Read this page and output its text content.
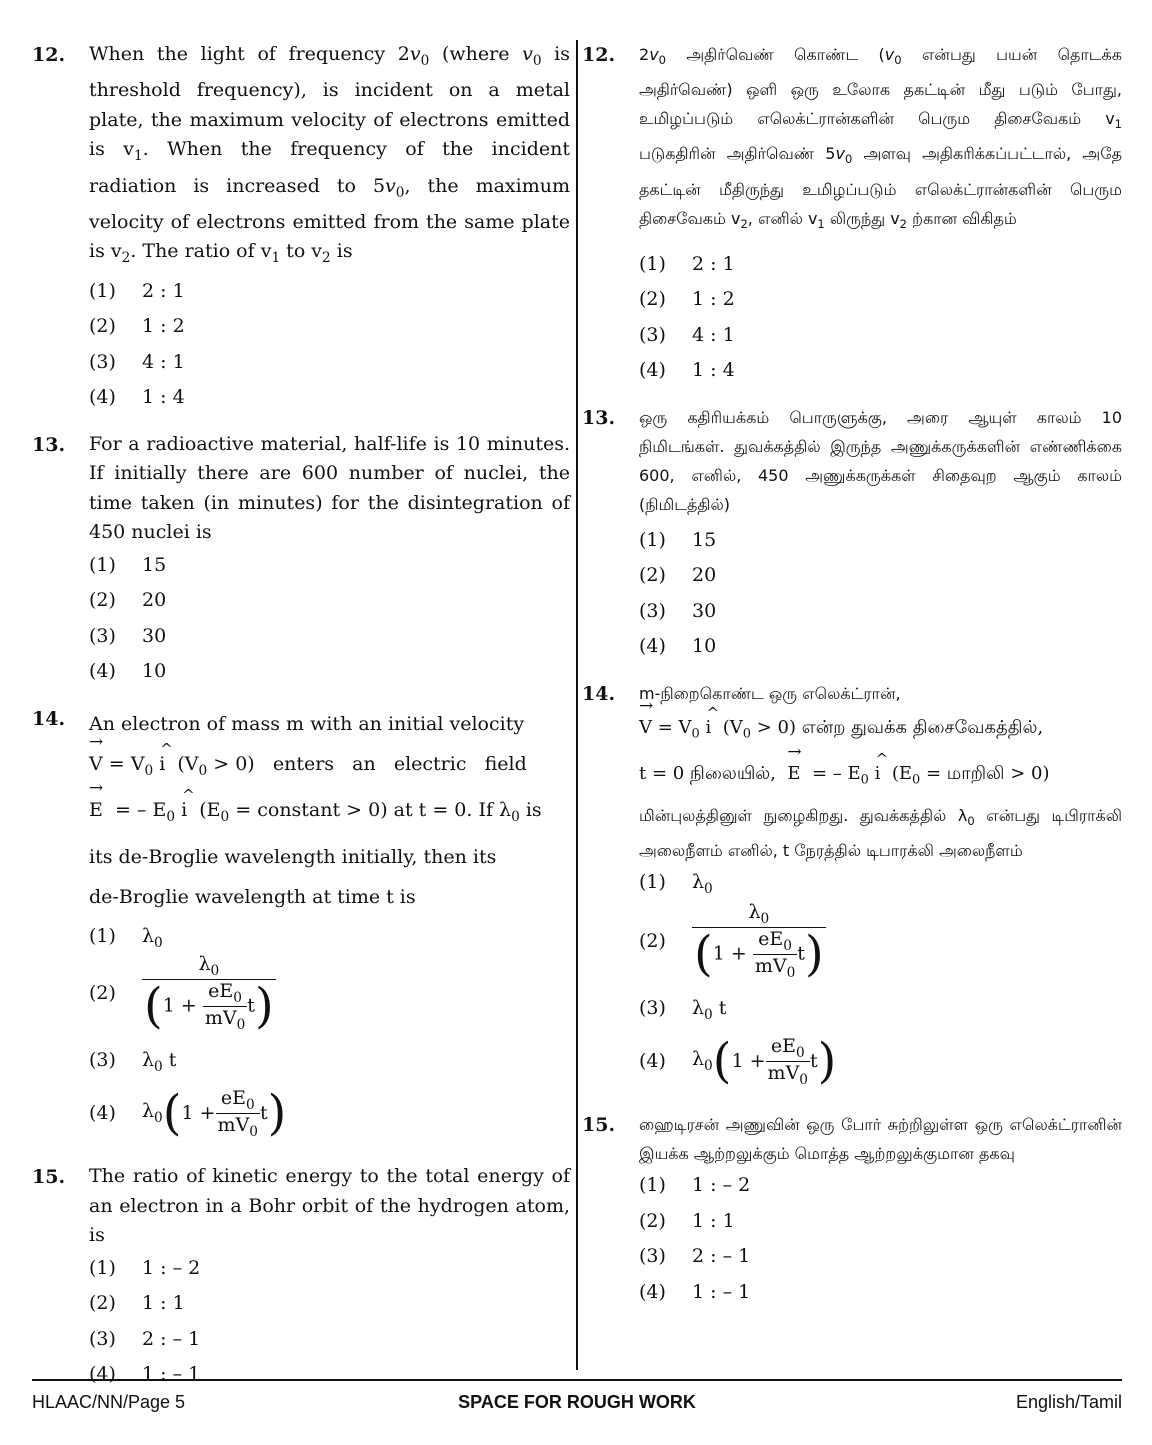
12. When the light of frequency $2v_0$ (where $v_0$ is threshold frequency), is incident on a metal plate, the maximum velocity of electrons emitted is $v_1$. When the frequency of the incident radiation is increased to $5v_0$, the maximum velocity of electrons emitted from the same plate is $v_2$. The ratio of $v_1$ to $v_2$ is
(1) 2 : 1
(2) 1 : 2
(3) 4 : 1
(4) 1 : 4
13. For a radioactive material, half-life is 10 minutes. If initially there are 600 number of nuclei, the time taken (in minutes) for the disintegration of 450 nuclei is
(1) 15
(2) 20
(3) 30
(4) 10
14. An electron of mass m with an initial velocity
→ $V = V_0$ ^ i  $(V_0 > 0)$   enters   an   electric   field
→ E  = – $E_0$ ^ i  ($E_0$ = constant > 0) at t = 0. If $\lambda_0$ is
its de-Broglie wavelength initially, then its
de-Broglie wavelength at time t is
(1) $\lambda_0$
(2)	$\frac{\lambda_0}{(1 + \frac{eE_0}{mV_0} t)}$
(3) $\lambda_0$ t
(4)	$\lambda_0$ ( $1 + \frac{eE_0}{mV_0}$ t )
15. The ratio of kinetic energy to the total energy of an electron in a Bohr orbit of the hydrogen atom, is
(1) 1 : – 2
(2) 1 : 1
(3) 2 : – 1
(4) 1 : – 1
12. $2v_0$ அதிர்வெண் கொண்ட ($v_0$ என்பது பயன் தொடக்க அதிர்வெண்) ஒளி ஒரு உலோக தகட்டின் மீது படும் போது, உமிழப்படும் எலெக்ட்ரான்களின் பெரும திசைவேகம் $v_1$ படுகதிரின் அதிர்வெண் $5v_0$ அளவு அதிகரிக்கப்பட்டால், அதே தகட்டின் மீதிருந்து உமிழப்படும் எலெக்ட்ரான்களின் பெரும திசைவேகம் $v_2$, எனில் $v_1$ லிருந்து $v_2$ ற்கான விகிதம்
(1) 2 : 1
(2) 1 : 2
(3) 4 : 1
(4) 1 : 4
13. ஒரு கதிரியக்கம் பொருளுக்கு, அரை ஆயுள் காலம் 10 நிமிடங்கள். துவக்கத்தில் இருந்த அணுக்கருக்களின் எண்ணிக்கை 600, எனில், 450 அணுக்கருக்கள் சிதைவுற ஆகும் காலம் (நிமிடத்தில்)
(1) 15
(2) 20
(3) 30
(4) 10
14. m-நிறைகொண்ட ஒரு எலெக்ட்ரான்,
→ $V = V_0$ ^ i  $(V_0 > 0)$ என்ற துவக்க திசைவேகத்தில்,
t = 0 நிலையில்,  → E  = – $E_0$ ^ i  ($E_0$ = மாறிலி > 0)
மின்புலத்தினுள் நுழைகிறது. துவக்கத்தில் $\lambda_0$ என்பது டிபிராக்லி அலைநீளம் எனில், t நேரத்தில் டிபாரக்லி அலைநீளம்
(1) $\lambda_0$
(2)	$\frac{\lambda_0}{(1 + \frac{eE_0}{mV_0} t)}$
(3) $\lambda_0$ t
(4)	$\lambda_0$ ( $1 + \frac{eE_0}{mV_0}$ t )
15. ஹைடிரசன் அணுவின் ஒரு போர் சுற்றிலுள்ள ஒரு எலெக்ட்ரானின் இயக்க ஆற்றலுக்கும் மொத்த ஆற்றலுக்குமான தகவு
(1) 1 : – 2
(2) 1 : 1
(3) 2 : – 1
(4) 1 : – 1
HLAAC/NN/Page 5	SPACE FOR ROUGH WORK	English/Tamil
